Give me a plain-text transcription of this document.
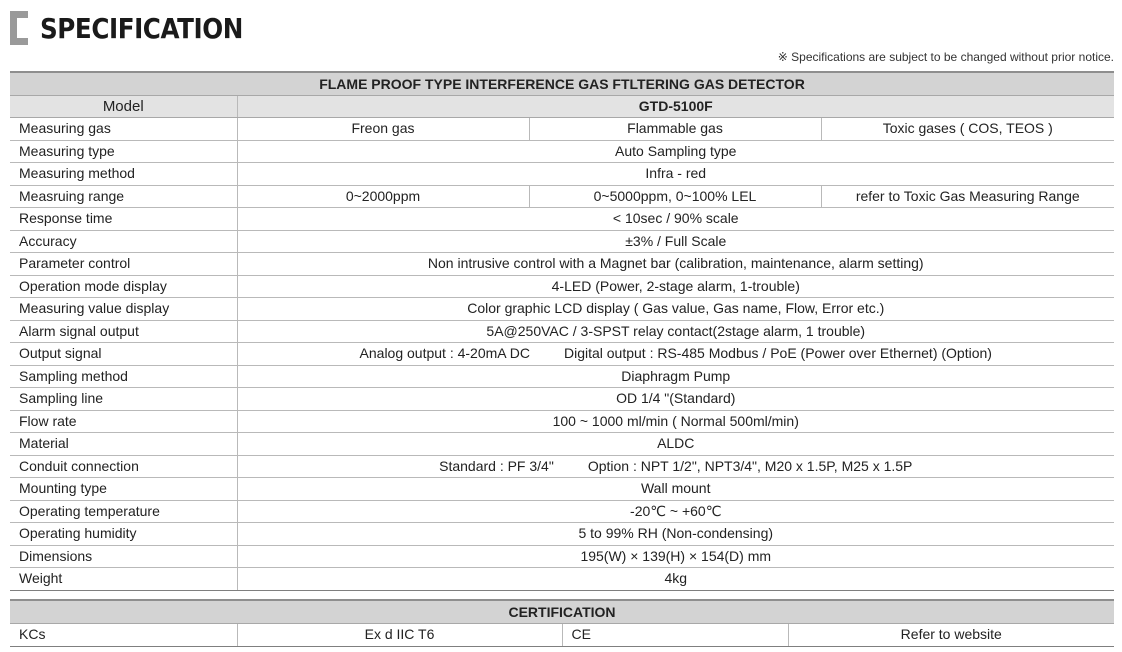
SPECIFICATION
※ Specifications are subject to be changed without prior notice.
FLAME PROOF TYPE INTERFERENCE GAS FTLTERING GAS DETECTOR			
Model	GTD-5100F		
Measuring gas	Freon gas	Flammable gas	Toxic gases ( COS, TEOS )
Measuring type	Auto Sampling type		
Measuring method	Infra - red		
Measruing range	0~2000ppm	0~5000ppm, 0~100% LEL	refer to Toxic Gas Measuring Range
Response time	< 10sec / 90% scale		
Accuracy	±3% / Full Scale		
Parameter control	Non intrusive control with a Magnet bar (calibration, maintenance, alarm setting)		
Operation mode display	4-LED (Power, 2-stage alarm, 1-trouble)		
Measuring value display	Color graphic LCD display ( Gas value, Gas name, Flow, Error etc.)		
Alarm signal output	5A@250VAC / 3-SPST relay contact(2stage alarm, 1 trouble)		
Output signal	Analog output : 4-20mA DC Digital output : RS-485 Modbus / PoE (Power over Ethernet) (Option)		
Sampling method	Diaphragm Pump		
Sampling line	OD 1/4 "(Standard)		
Flow rate	100 ~ 1000 ml/min ( Normal 500ml/min)		
Material	ALDC		
Conduit connection	Standard : PF 3/4" Option : NPT 1/2", NPT3/4", M20 x 1.5P, M25 x 1.5P		
Mounting type	Wall mount		
Operating temperature	-20℃ ~ +60℃		
Operating humidity	5 to 99% RH (Non-condensing)		
Dimensions	195(W) × 139(H) × 154(D) mm		
Weight	4kg		
CERTIFICATION
KCs	Ex d IIC T6	CE	Refer to website
